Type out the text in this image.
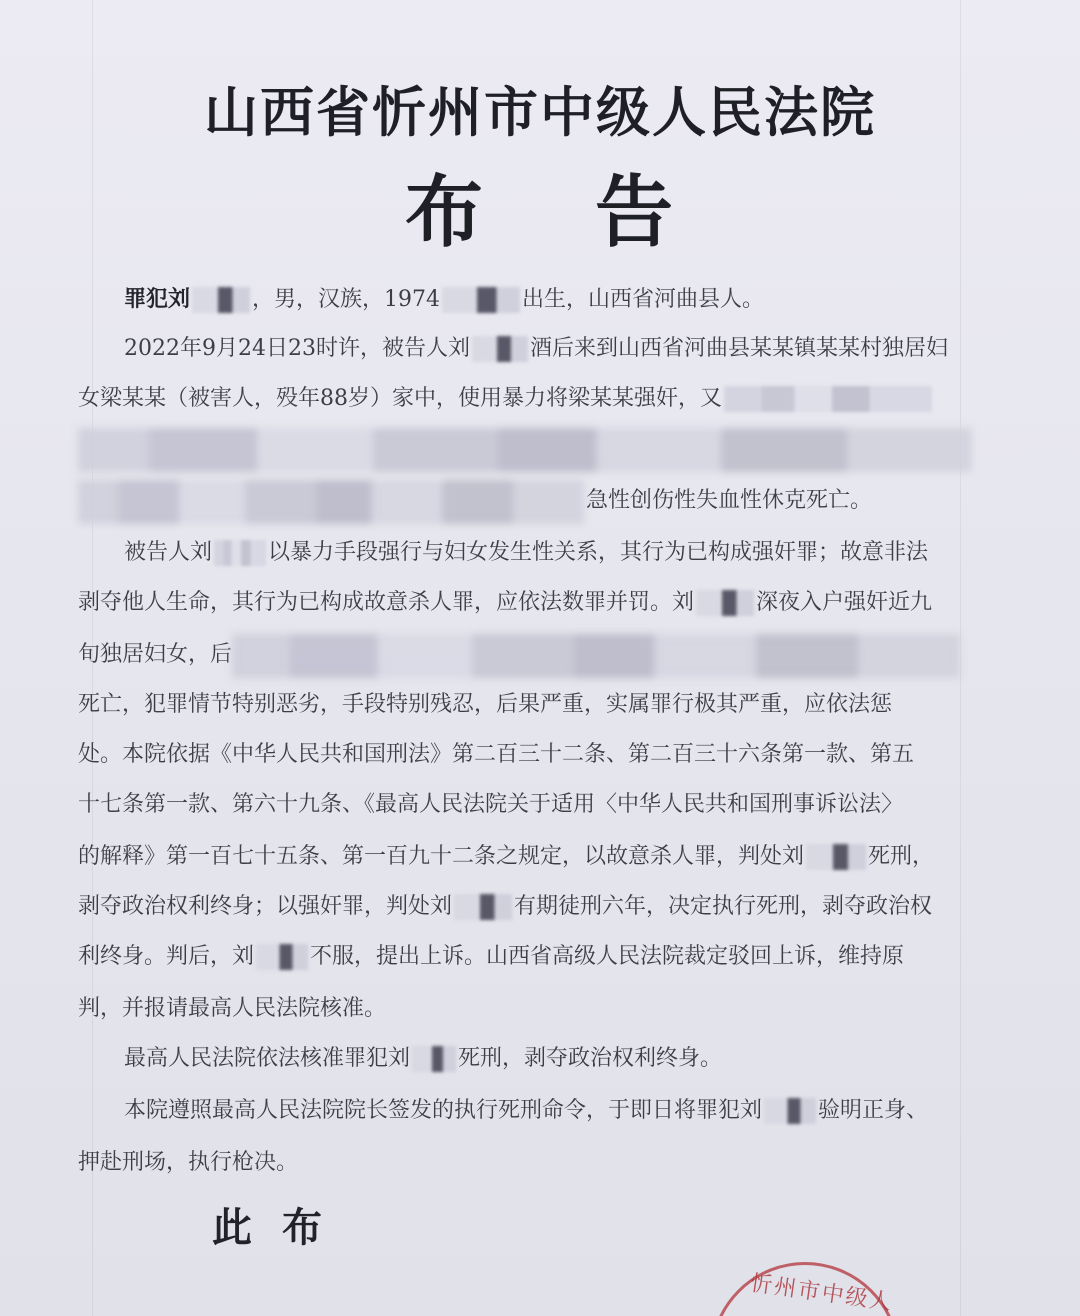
山西省忻州市中级人民法院
布 告
罪犯刘	，男，汉族，1974	出生，山西省河曲县人。
2022年9月24日23时许，被告人刘	酒后来到山西省河曲县某某镇某某村独居妇
女梁某某（被害人，殁年88岁）家中，使用暴力将梁某某强奸，又
急性创伤性失血性休克死亡。
被告人刘	以暴力手段强行与妇女发生性关系，其行为已构成强奸罪；故意非法
剥夺他人生命，其行为已构成故意杀人罪，应依法数罪并罚。刘	深夜入户强奸近九
旬独居妇女，后
死亡，犯罪情节特别恶劣，手段特别残忍，后果严重，实属罪行极其严重，应依法惩
处。本院依据《中华人民共和国刑法》第二百三十二条、第二百三十六条第一款、第五
十七条第一款、第六十九条、《最高人民法院关于适用〈中华人民共和国刑事诉讼法〉
的解释》第一百七十五条、第一百九十二条之规定，以故意杀人罪，判处刘	死刑，
剥夺政治权利终身；以强奸罪，判处刘	有期徒刑六年，决定执行死刑，剥夺政治权
利终身。判后，刘	不服，提出上诉。山西省高级人民法院裁定驳回上诉，维持原
判，并报请最高人民法院核准。
最高人民法院依法核准罪犯刘 死刑，剥夺政治权利终身。
本院遵照最高人民法院院长签发的执行死刑命令，于即日将罪犯刘	验明正身、
押赴刑场，执行枪决。
此 布
忻州市中级人
